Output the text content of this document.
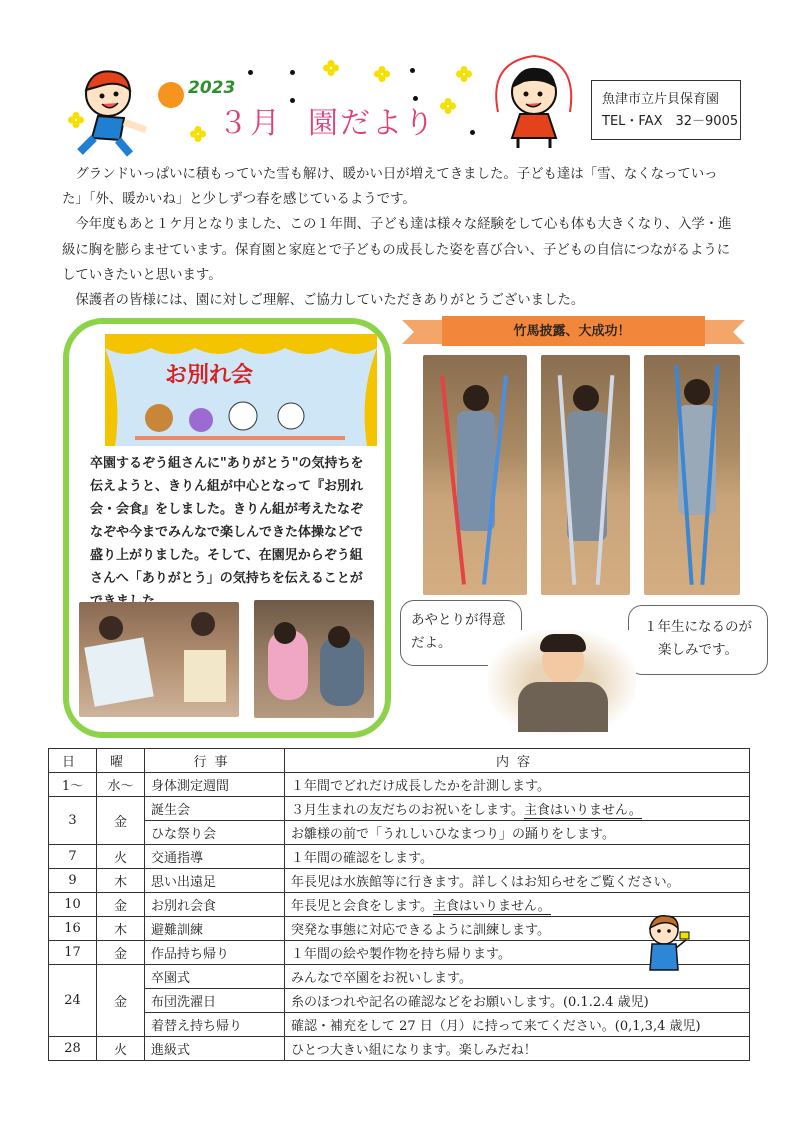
2023
３月 園だより
魚津市立片貝保育園
TEL・FAX　32－9005

グランドいっぱいに積もっていた雪も解け、暖かい日が増えてきました。子ども達は「雪、なくなっていった」「外、暖かいね」と少しずつ春を感じているようです。

今年度もあと１ケ月となりました、この１年間、子ども達は様々な経験をして心も体も大きくなり、入学・進級に胸を膨らませています。保育園と家庭とで子どもの成長した姿を喜び合い、子どもの自信につながるようにしていきたいと思います。

保護者の皆様には、園に対しご理解、ご協力していただきありがとうございました。

お別れ会
卒園するぞう組さんに"ありがとう"の気持ちを伝えようと、きりん組が中心となって『お別れ会・会食』をしました。きりん組が考えたなぞなぞや今までみんなで楽しんできた体操などで盛り上がりました。そして、在園児からぞう組さんへ「ありがとう」の気持ちを伝えることが
竹馬披露、大成功！
あやとりが得意だよ。
１年生になるのが楽しみです。
日	曜	行事	内容
1～	水～	身体測定週間	１年間でどれだけ成長したかを計測します。
3	金	誕生会	３月生まれの友だちのお祝いをします。主食はいりません。
		ひな祭り会	お雛様の前で「うれしいひなまつり」の踊りをします。
7	火	交通指導	１年間の確認をします。
9	木	思い出遠足	年長児は水族館等に行きます。詳しくはお知らせをご覧ください。
10	金	お別れ会食	年長児と会食をします。主食はいりません。
16	木	避難訓練	突発な事態に対応できるように訓練します。
17	金	作品持ち帰り	１年間の絵や製作物を持ち帰ります。
24	金	卒園式	みんなで卒園をお祝いします。
		布団洗濯日	糸のほつれや記名の確認などをお願いします。(0.1.2.4 歳児)
		着替え持ち帰り	確認・補充をして 27 日（月）に持って来てください。(0,1,3,4 歳児)
28	火	進級式	ひとつ大きい組になります。楽しみだね！
